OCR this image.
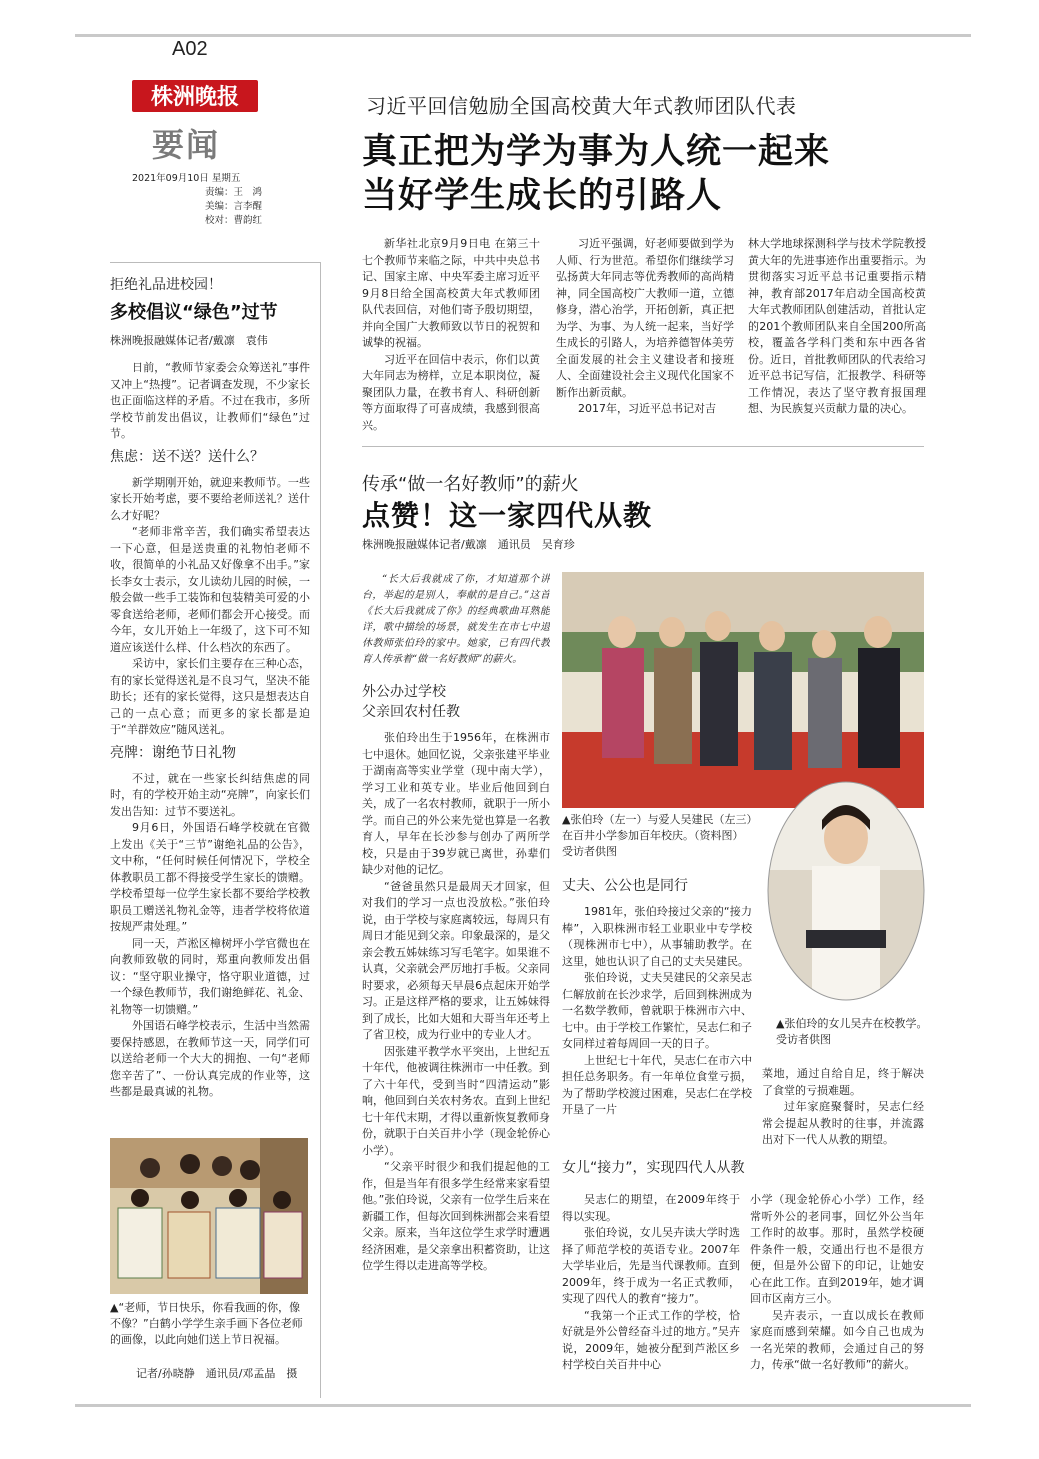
A02
株洲晚报
要闻
2021年09月10日 星期五
责编：王　鸿
美编：言李醒
校对：曹韵红
习近平回信勉励全国高校黄大年式教师团队代表
真正把为学为事为人统一起来
当好学生成长的引路人

新华社北京9月9日电 在第三十七个教师节来临之际，中共中央总书记、国家主席、中央军委主席习近平9月8日给全国高校黄大年式教师团队代表回信，对他们寄予殷切期望，并向全国广大教师致以节日的祝贺和诚挚的祝福。

习近平在回信中表示，你们以黄大年同志为榜样，立足本职岗位，凝聚团队力量，在教书育人、科研创新等方面取得了可喜成绩，我感到很高兴。

习近平强调，好老师要做到学为人师、行为世范。希望你们继续学习弘扬黄大年同志等优秀教师的高尚精神，同全国高校广大教师一道，立德修身，潜心治学，开拓创新，真正把为学、为事、为人统一起来，当好学生成长的引路人，为培养德智体美劳全面发展的社会主义建设者和接班人、全面建设社会主义现代化国家不断作出新贡献。

2017年，习近平总书记对吉

林大学地球探测科学与技术学院教授黄大年的先进事迹作出重要指示。为贯彻落实习近平总书记重要指示精神，教育部2017年启动全国高校黄大年式教师团队创建活动，首批认定的201个教师团队来自全国200所高校，覆盖各学科门类和东中西各省份。近日，首批教师团队的代表给习近平总书记写信，汇报教学、科研等工作情况，表达了坚守教育报国理想、为民族复兴贡献力量的决心。

拒绝礼品进校园！
多校倡议“绿色”过节
株洲晚报融媒体记者/戴凛　袁伟

日前，“教师节家委会众筹送礼”事件又冲上“热搜”。记者调查发现，不少家长也正面临这样的矛盾。不过在我市，多所学校节前发出倡议，让教师们“绿色”过节。

焦虑：送不送？送什么？

新学期刚开始，就迎来教师节。一些家长开始考虑，要不要给老师送礼？送什么才好呢？

“老师非常辛苦，我们确实希望表达一下心意，但是送贵重的礼物怕老师不收，很简单的小礼品又好像拿不出手。”家长李女士表示，女儿读幼儿园的时候，一般会做一些手工装饰和包装精美可爱的小零食送给老师，老师们都会开心接受。而今年，女儿开始上一年级了，这下可不知道应该送什么样、什么档次的东西了。

采访中，家长们主要存在三种心态，有的家长觉得送礼是不良习气，坚决不能助长；还有的家长觉得，这只是想表达自己的一点心意；而更多的家长都是迫于“羊群效应”随风送礼。

亮牌：谢绝节日礼物

不过，就在一些家长纠结焦虑的同时，有的学校开始主动“亮牌”，向家长们发出告知：过节不要送礼。

9月6日，外国语石峰学校就在官微上发出《关于“三节”谢绝礼品的公告》，文中称，“任何时候任何情况下，学校全体教职员工都不得接受学生家长的馈赠。学校希望每一位学生家长都不要给学校教职员工赠送礼物礼金等，违者学校将依道按规严肃处理。”

同一天，芦淞区樟树坪小学官微也在向教师致敬的同时，郑重向教师发出倡议：“坚守职业操守，恪守职业道德，过一个绿色教师节，我们谢绝鲜花、礼金、礼物等一切馈赠。”

外国语石峰学校表示，生活中当然需要保持感恩，在教师节这一天，同学们可以送给老师一个大大的拥抱、一句“老师您辛苦了”、一份认真完成的作业等，这些都是最真诚的礼物。

▲“老师，节日快乐，你看我画的你，像不像？”白鹤小学学生亲手画下各位老师的画像，以此向她们送上节日祝福。
记者/孙晓静　通讯员/邓孟晶　摄
传承“做一名好教师”的薪火
点赞！这一家四代从教
株洲晚报融媒体记者/戴凛　通讯员　吴育珍

“长大后我就成了你，才知道那个讲台，举起的是别人，奉献的是自己。”这首《长大后我就成了你》的经典歌曲耳熟能详，歌中描绘的场景，就发生在市七中退休教师张伯玲的家中。她家，已有四代教育人传承着“做一名好教师”的薪火。

外公办过学校
父亲回农村任教

张伯玲出生于1956年，在株洲市七中退休。她回忆说，父亲张建平毕业于湖南高等实业学堂（现中南大学），学习工业和英专业。毕业后他回到白关，成了一名农村教师，就职于一所小学。而自己的外公来先觉也算是一名教育人，早年在长沙参与创办了两所学校，只是由于39岁就已离世，孙辈们缺少对他的记忆。

“爸爸虽然只是最周天才回家，但对我们的学习一点也没放松。”张伯玲说，由于学校与家庭离较远，每周只有周日才能见到父亲。印象最深的，是父亲会教五姊妹练习写毛笔字。如果谁不认真，父亲就会严厉地打手板。父亲同时要求，必须每天早晨6点起床开始学习。正是这样严格的要求，让五姊妹得到了成长，比如大姐和大哥当年还考上了省卫校，成为行业中的专业人才。

因张建平教学水平突出，上世纪五十年代，他被调往株洲市一中任教。到了六十年代，受到当时“四清运动”影响，他回到白关农村务农。直到上世纪七十年代末期，才得以重新恢复教师身份，就职于白关百井小学（现金轮侨心小学）。

“父亲平时很少和我们提起他的工作，但是当年有很多学生经常来家看望他。”张伯玲说，父亲有一位学生后来在新疆工作，但每次回到株洲都会来看望父亲。原来，当年这位学生求学时遭遇经济困难，是父亲拿出积蓄资助，让这位学生得以走进高等学校。

▲张伯玲（左一）与爱人吴建民（左三）在百井小学参加百年校庆。（资料图）　　　受访者供图
▲张伯玲的女儿吴卉在校教学。　受访者供图
丈夫、公公也是同行

1981年，张伯玲接过父亲的“接力棒”，入职株洲市轻工业职业中专学校（现株洲市七中），从事辅助教学。在这里，她也认识了自己的丈夫吴建民。

张伯玲说，丈夫吴建民的父亲吴志仁解放前在长沙求学，后回到株洲成为一名数学教师，曾就职于株洲市六中、七中。由于学校工作繁忙，吴志仁和子女同样过着每周回一天的日子。

上世纪七十年代，吴志仁在市六中担任总务职务。有一年单位食堂亏损，为了帮助学校渡过困难，吴志仁在学校开垦了一片

菜地，通过自给自足，终于解决了食堂的亏损难题。

过年家庭聚餐时，吴志仁经常会提起从教时的往事，并流露出对下一代人从教的期望。

女儿“接力”，实现四代人从教

吴志仁的期望，在2009年终于得以实现。

张伯玲说，女儿吴卉读大学时选择了师范学校的英语专业。2007年大学毕业后，先是当代课教师。直到2009年，终于成为一名正式教师，实现了四代人的教育“接力”。

“我第一个正式工作的学校，恰好就是外公曾经奋斗过的地方。”吴卉说，2009年，她被分配到芦淞区乡村学校白关百井中心

小学（现金轮侨心小学）工作，经常听外公的老同事，回忆外公当年工作时的故事。那时，虽然学校硬件条件一般，交通出行也不是很方便，但是外公留下的印记，让她安心在此工作。直到2019年，她才调回市区南方三小。

吴卉表示，一直以成长在教师家庭而感到荣耀。如今自己也成为一名光荣的教师，会通过自己的努力，传承“做一名好教师”的薪火。
